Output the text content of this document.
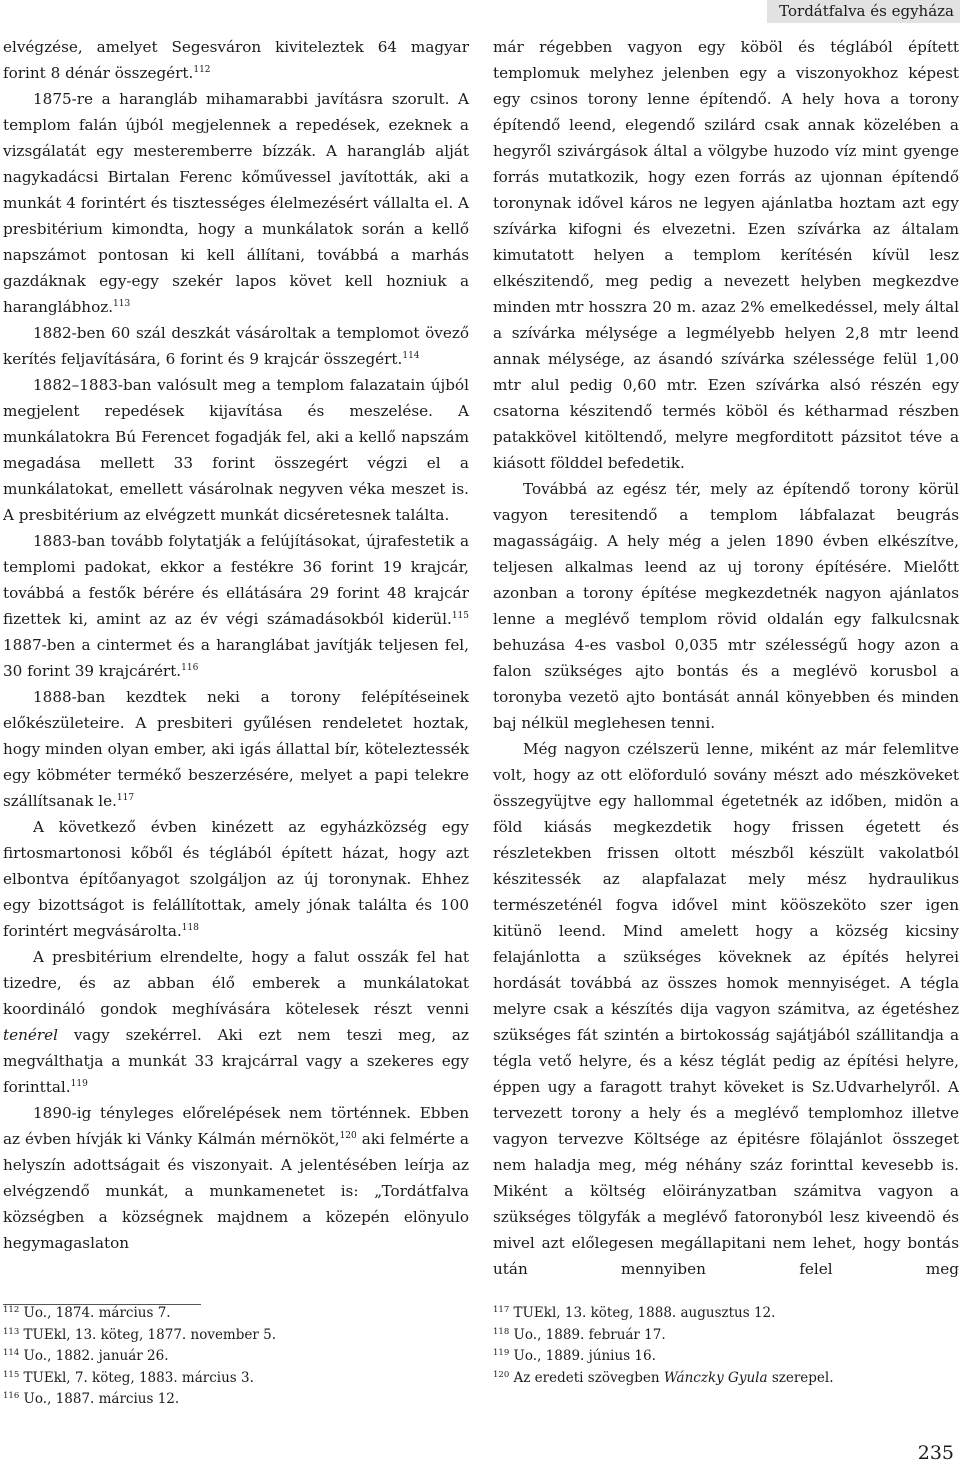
Tordátfalva és egyháza

elvégzése, amelyet Segesváron kiviteleztek 64 magyar forint 8 dénár összegért.$^{112}$

1875-re a harangláb mihamarabbi javításra szorult. A templom falán újból megjelennek a repedések, ezeknek a vizsgálatát egy mesteremberre bízzák. A harangláb alját nagykadácsi Birtalan Ferenc kőművessel javították, aki a munkát 4 forintért és tisztességes élelmezésért vállalta el. A presbitérium kimondta, hogy a munkálatok során a kellő napszámot pontosan ki kell állítani, továbbá a marhás gazdáknak egy-egy szekér lapos követ kell hozniuk a haranglábhoz.$^{113}$

1882-ben 60 szál deszkát vásároltak a templomot övező kerítés feljavítására, 6 forint és 9 krajcár összegért.$^{114}$

1882–1883-ban valósult meg a templom falazatain újból megjelent repedések kijavítása és meszelése. A munkálatokra Bú Ferencet fogadják fel, aki a kellő napszám megadása mellett 33 forint összegért végzi el a munkálatokat, emellett vásárolnak negyven véka meszet is. A presbitérium az elvégzett munkát dicséretesnek találta.

1883-ban tovább folytatják a felújításokat, újrafestetik a templomi padokat, ekkor a festékre 36 forint 19 krajcár, továbbá a festők bérére és ellátására 29 forint 48 krajcár fizettek ki, amint az az év végi számadásokból kiderül.$^{115}$ 1887-ben a cintermet és a haranglábat javítják teljesen fel, 30 forint 39 krajcárért.$^{116}$

1888-ban kezdtek neki a torony felépítéseinek előkészületeire. A presbiteri gyűlésen rendeletet hoztak, hogy minden olyan ember, aki igás állattal bír, köteleztessék egy köbméter termékő beszerzésére, melyet a papi telekre szállítsanak le.$^{117}$

A következő évben kinézett az egyházközség egy firtosmartonosi kőből és téglából épített házat, hogy azt elbontva építőanyagot szolgáljon az új toronynak. Ehhez egy bizottságot is felállítottak, amely jónak találta és 100 forintért megvásárolta.$^{118}$

A presbitérium elrendelte, hogy a falut osszák fel hat tizedre, és az abban élő emberek a munkálatokat koordináló gondok meghívására kötelesek részt venni tenérel vagy szekérrel. Aki ezt nem teszi meg, az megválthatja a munkát 33 krajcárral vagy a szekeres egy forinttal.$^{119}$

1890-ig tényleges előrelépések nem történnek. Ebben az évben hívják ki Vánky Kálmán mérnököt,$^{120}$ aki felmérte a helyszín adottságait és viszonyait. A jelentésében leírja az elvégzendő munkát, a munkamenetet is: „Tordátfalva községben a községnek majdnem a közepén elönyulo hegymagaslaton

már régebben vagyon egy köböl és téglából épített templomuk melyhez jelenben egy a viszonyokhoz képest egy csinos torony lenne építendő. A hely hova a torony építendő leend, elegendő szilárd csak annak közelében a hegyről szivárgások által a völgybe huzodo víz mint gyenge forrás mutatkozik, hogy ezen forrás az ujonnan építendő toronynak idővel káros ne legyen ajánlatba hoztam azt egy szívárka kifogni és elvezetni. Ezen szívárka az általam kimutatott helyen a templom kerítésén kívül lesz elkészitendő, meg pedig a nevezett helyben megkezdve minden mtr hosszra 20 m. azaz 2% emelkedéssel, mely által a szívárka mélysége a legmélyebb helyen 2,8 mtr leend annak mélysége, az ásandó szívárka szélessége felül 1,00 mtr alul pedig 0,60 mtr. Ezen szívárka alsó részén egy csatorna készitendő termés köböl és kétharmad részben patakkövel kitöltendő, melyre megforditott pázsitot téve a kiásott földdel befedetik.

Továbbá az egész tér, mely az építendő torony körül vagyon teresitendő a templom lábfalazat beugrás magasságáig. A hely még a jelen 1890 évben elkészítve, teljesen alkalmas leend az uj torony építésére. Mielőtt azonban a torony építése megkezdetnék nagyon ajánlatos lenne a meglévő templom rövid oldalán egy falkulcsnak behuzása 4-es vasbol 0,035 mtr szélességű hogy azon a falon szükséges ajto bontás és a meglévö korusbol a toronyba vezetö ajto bontását annál könyebben és minden baj nélkül meglehesen tenni.

Még nagyon czélszerü lenne, miként az már felemlitve volt, hogy az ott elöforduló sovány mészt ado mészköveket összegyüjtve egy hallommal égetetnék az időben, midön a föld kiásás megkezdetik hogy frissen égetett és részletekben frissen oltott mészből készült vakolatból készitessék az alapfalazat mely mész hydraulikus természeténél fogva idővel mint kööszeköto szer igen kitünö leend. Mind amelett hogy a község kicsiny felajánlotta a szükséges köveknek az építés helyrei hordását továbbá az összes homok mennyiséget. A tégla melyre csak a készítés dija vagyon számitva, az égetéshez szükséges fát szintén a birtokosság sajátjából szállitandja a tégla vető helyre, és a kész téglát pedig az építési helyre, éppen ugy a faragott trahyt köveket is Sz.Udvarhelyről. A tervezett torony a hely és a meglévő templomhoz illetve vagyon tervezve Költsége az épitésre fölajánlot összeget nem haladja meg, még néhány száz forinttal kevesebb is. Miként a költség elöirányzatban számitva vagyon a szükséges tölgyfák a meglévő fatoronyból lesz kiveendö és mivel azt előlegesen megállapitani nem lehet, hogy bontás után mennyiben felel meg

$^{112}$ Uo., 1874. március 7.

$^{113}$ TUEkl, 13. köteg, 1877. november 5.

$^{114}$ Uo., 1882. január 26.

$^{115}$ TUEkl, 7. köteg, 1883. március 3.

$^{116}$ Uo., 1887. március 12.

$^{117}$ TUEkl, 13. köteg, 1888. augusztus 12.

$^{118}$ Uo., 1889. február 17.

$^{119}$ Uo., 1889. június 16.

$^{120}$ Az eredeti szövegben Wánczky Gyula szerepel.

235
